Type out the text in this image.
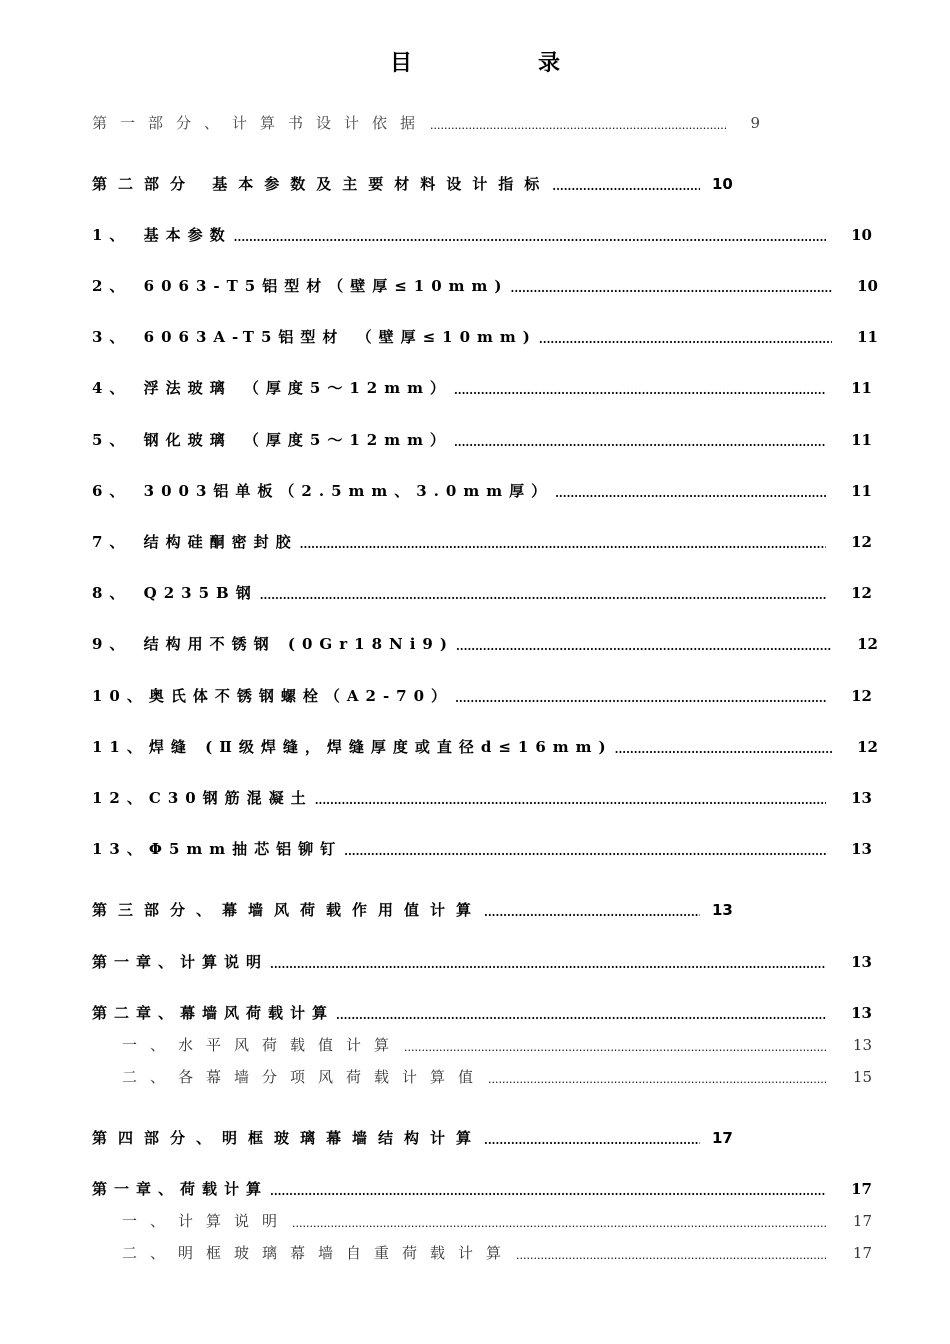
目　录
第一部分、计算书设计依据 .....	9
第二部分 基本参数及主要材料设计指标 .....	10
1、 基本参数 .....	10
2、 6063-T5铝型材（壁厚≤10mm) .....	10
3、 6063A-T5铝型材 （壁厚≤10mm) .....	11
4、 浮法玻璃 （厚度5～12mm） .....	11
5、 钢化玻璃 （厚度5～12mm） .....	11
6、 3003铝单板（2.5mm、3.0mm厚） .....	11
7、 结构硅酮密封胶 .....	12
8、 Q235B钢 .....	12
9、 结构用不锈钢 (0Gr18Ni9) .....	12
10、奥氏体不锈钢螺栓（A2-70） .....	12
11、焊缝 (Ⅱ级焊缝，焊缝厚度或直径d≤16mm) .....	12
12、C30钢筋混凝土 .....	13
13、Φ5mm抽芯铝铆钉 .....	13
第三部分、幕墙风荷载作用值计算 .....	13
第一章、计算说明 .....	13
第二章、幕墙风荷载计算 .....	13
一、水平风荷载值计算 .....	13
二、各幕墙分项风荷载计算值 .....	15
第四部分、明框玻璃幕墙结构计算 .....	17
第一章、荷载计算 .....	17
一、计算说明 .....	17
二、明框玻璃幕墙自重荷载计算 .....	17
